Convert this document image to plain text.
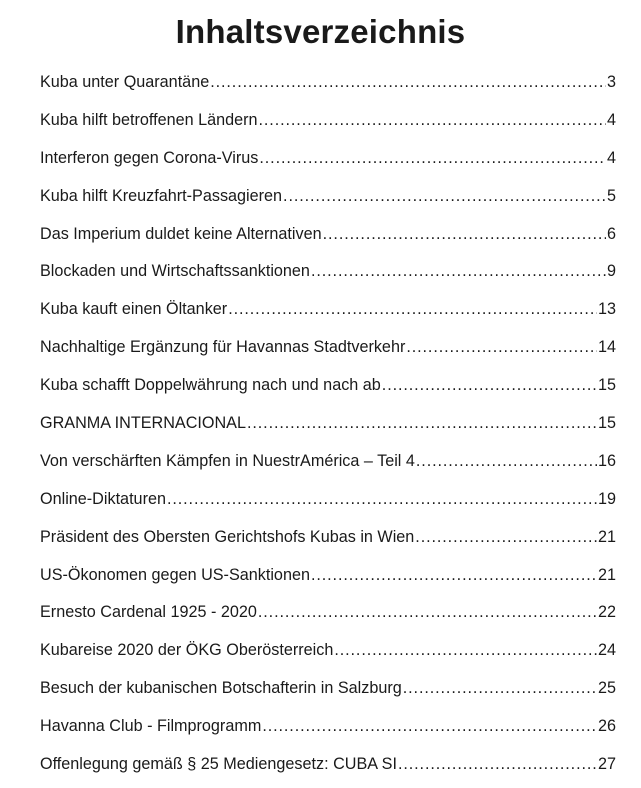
Inhaltsverzeichnis
Kuba unter Quarantäne .....	3
Kuba hilft betroffenen Ländern .....	4
Interferon gegen Corona-Virus .....	4
Kuba hilft Kreuzfahrt-Passagieren .....	5
Das Imperium duldet keine Alternativen .....	6
Blockaden und Wirtschaftssanktionen .....	9
Kuba kauft einen Öltanker .....	13
Nachhaltige Ergänzung für Havannas Stadtverkehr .....	14
Kuba schafft Doppelwährung nach und nach ab .....	15
GRANMA INTERNACIONAL .....	15
Von verschärften Kämpfen in NuestrAmérica – Teil 4 .....	16
Online-Diktaturen .....	19
Präsident des Obersten Gerichtshofs Kubas in Wien .....	21
US-Ökonomen gegen US-Sanktionen .....	21
Ernesto Cardenal 1925 - 2020 .....	22
Kubareise 2020 der ÖKG Oberösterreich .....	24
Besuch der kubanischen Botschafterin in Salzburg .....	25
Havanna Club - Filmprogramm .....	26
Offenlegung gemäß § 25 Mediengesetz: CUBA SI .....	27
